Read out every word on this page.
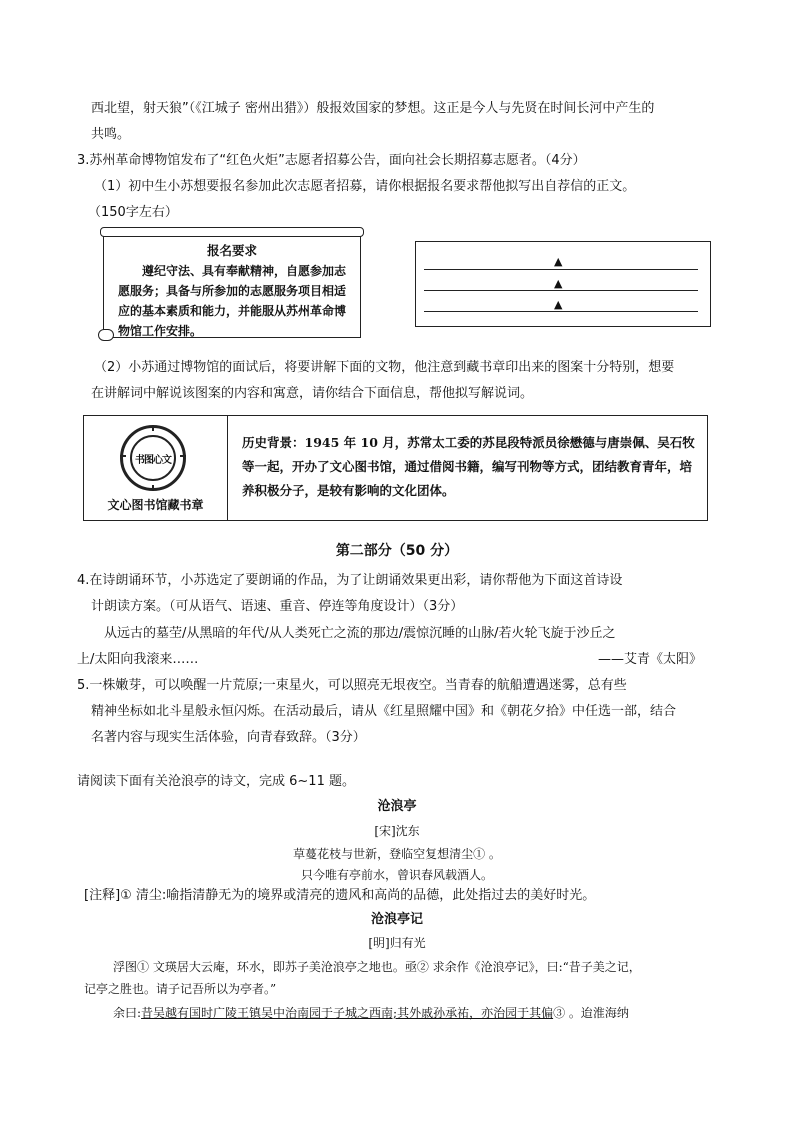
西北望，射天狼”（《江城子 密州出猎》）般报效国家的梦想。这正是今人与先贤在时间长河中产生的
共鸣。
3.苏州革命博物馆发布了“红色火炬”志愿者招募公告，面向社会长期招募志愿者。（4分）
（1）初中生小苏想要报名参加此次志愿者招募，请你根据报名要求帮他拟写出自荐信的正文。
（150字左右）
报名要求
遵纪守法、具有奉献精神，自愿参加志愿服务；具备与所参加的志愿服务项目相适应的基本素质和能力，并能服从苏州革命博物馆工作安排。
▲
▲
▲
（2）小苏通过博物馆的面试后，将要讲解下面的文物，他注意到藏书章印出来的图案十分特别，想要
在讲解词中解说该图案的内容和寓意，请你结合下面信息，帮他拟写解说词。
书图心文
文心图书馆藏书章
历史背景：1945 年 10 月，苏常太工委的苏昆段特派员徐懋德与唐崇佩、吴石牧等一起，开办了文心图书馆，通过借阅书籍，编写刊物等方式，团结教育青年，培养积极分子，是较有影响的文化团体。
第二部分（50 分）
4.在诗朗诵环节，小苏选定了要朗诵的作品，为了让朗诵效果更出彩，请你帮他为下面这首诗设
计朗读方案。（可从语气、语速、重音、停连等角度设计）（3分）
从远古的墓茔/从黑暗的年代/从人类死亡之流的那边/震惊沉睡的山脉/若火轮飞旋于沙丘之
上/太阳向我滚来……	——艾青《太阳》
5.一株嫩芽，可以唤醒一片荒原;一束星火，可以照亮无垠夜空。当青春的航船遭遇迷雾，总有些
精神坐标如北斗星般永恒闪烁。在活动最后，请从《红星照耀中国》和《朝花夕拾》中任选一部，结合
名著内容与现实生活体验，向青春致辞。（3分）
请阅读下面有关沧浪亭的诗文，完成 6~11 题。
沧浪亭
[宋]沈东
草蔓花枝与世新，登临空复想清尘① 。
只今唯有亭前水，曾识春风载酒人。
[注释]① 清尘:喻指清静无为的境界或清亮的遗风和高尚的品德，此处指过去的美好时光。
沧浪亭记
[明]归有光
浮图① 文瑛居大云庵，环水，即苏子美沧浪亭之地也。亟② 求余作《沧浪亭记》，曰:“昔子美之记，
记亭之胜也。请子记吾所以为亭者。”
余曰:昔吴越有国时广陵王镇吴中治南园于子城之西南;其外戚孙承祐，亦治园于其偏③ 。迨淮海纳
